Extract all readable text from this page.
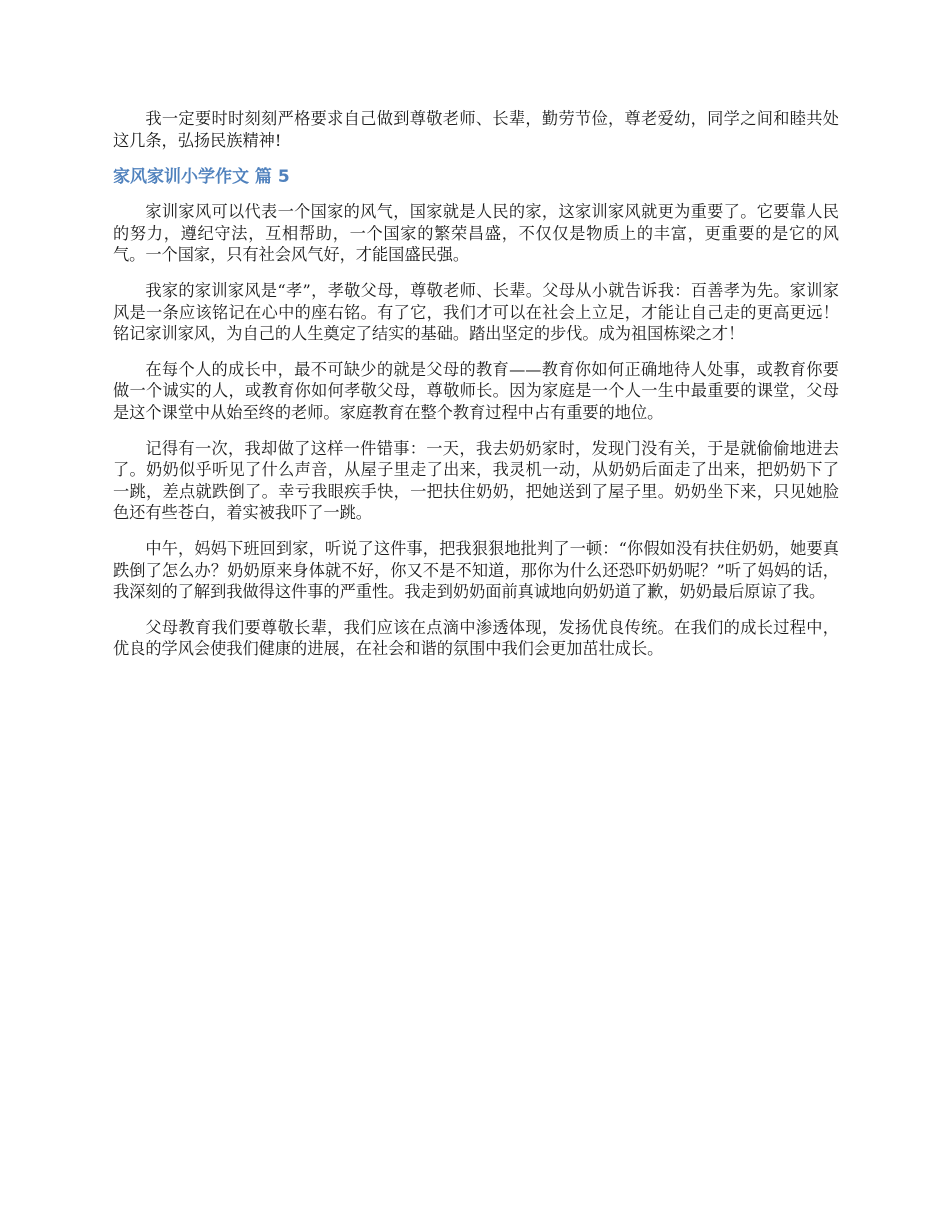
我一定要时时刻刻严格要求自己做到尊敬老师、长辈，勤劳节俭，尊老爱幼，同学之间和睦共处这几条，弘扬民族精神!

家风家训小学作文 篇 5

家训家风可以代表一个国家的风气，国家就是人民的家，这家训家风就更为重要了。它要靠人民的努力，遵纪守法，互相帮助，一个国家的繁荣昌盛，不仅仅是物质上的丰富，更重要的是它的风气。一个国家，只有社会风气好，才能国盛民强。

我家的家训家风是“孝”，孝敬父母，尊敬老师、长辈。父母从小就告诉我：百善孝为先。家训家风是一条应该铭记在心中的座右铭。有了它，我们才可以在社会上立足，才能让自己走的更高更远！铭记家训家风，为自己的人生奠定了结实的基础。踏出坚定的步伐。成为祖国栋梁之才！

在每个人的成长中，最不可缺少的就是父母的教育——教育你如何正确地待人处事，或教育你要做一个诚实的人，或教育你如何孝敬父母，尊敬师长。因为家庭是一个人一生中最重要的课堂，父母是这个课堂中从始至终的老师。家庭教育在整个教育过程中占有重要的地位。

记得有一次，我却做了这样一件错事：一天，我去奶奶家时，发现门没有关，于是就偷偷地进去了。奶奶似乎听见了什么声音，从屋子里走了出来，我灵机一动，从奶奶后面走了出来，把奶奶下了一跳，差点就跌倒了。幸亏我眼疾手快，一把扶住奶奶，把她送到了屋子里。奶奶坐下来，只见她脸色还有些苍白，着实被我吓了一跳。

中午，妈妈下班回到家，听说了这件事，把我狠狠地批判了一顿：“你假如没有扶住奶奶，她要真跌倒了怎么办？奶奶原来身体就不好，你又不是不知道，那你为什么还恐吓奶奶呢？”听了妈妈的话，我深刻的了解到我做得这件事的严重性。我走到奶奶面前真诚地向奶奶道了歉，奶奶最后原谅了我。

父母教育我们要尊敬长辈，我们应该在点滴中渗透体现，发扬优良传统。在我们的成长过程中，优良的学风会使我们健康的进展，在社会和谐的氛围中我们会更加茁壮成长。
